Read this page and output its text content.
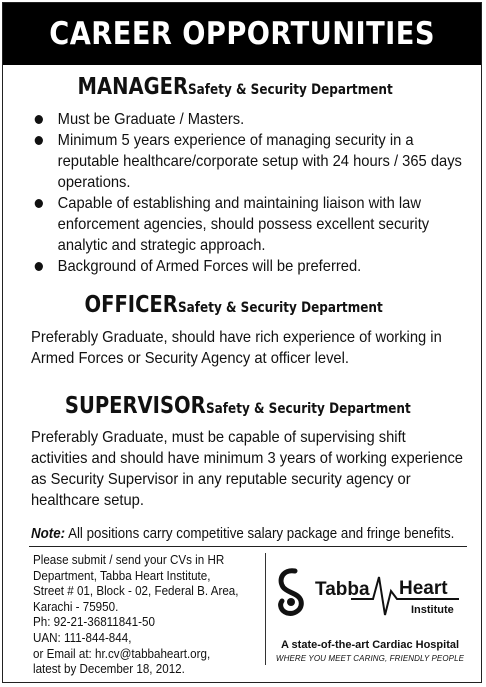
CAREER OPPORTUNITIES
MANAGER Safety & Security Department
Must be Graduate / Masters.
Minimum 5 years experience of managing security in a reputable healthcare/corporate setup with 24 hours / 365 days operations.
Capable of establishing and maintaining liaison with law enforcement agencies, should possess excellent security analytic and strategic approach.
Background of Armed Forces will be preferred.
OFFICER Safety & Security Department
Preferably Graduate, should have rich experience of working in Armed Forces or Security Agency at officer level.
SUPERVISOR Safety & Security Department
Preferably Graduate, must be capable of supervising shift activities and should have minimum 3 years of working experience as Security Supervisor in any reputable security agency or healthcare setup.
Note: All positions carry competitive salary package and fringe benefits.
Please submit / send your CVs in HR
Department, Tabba Heart Institute,
Street # 01, Block - 02, Federal B. Area,
Karachi - 75950.
Ph: 92-21-36811841-50
UAN: 111-844-844,
or Email at: hr.cv@tabbaheart.org,
latest by December 18, 2012.
Tabba Heart
Institute
A state-of-the-art Cardiac Hospital
WHERE YOU MEET CARING, FRIENDLY PEOPLE
